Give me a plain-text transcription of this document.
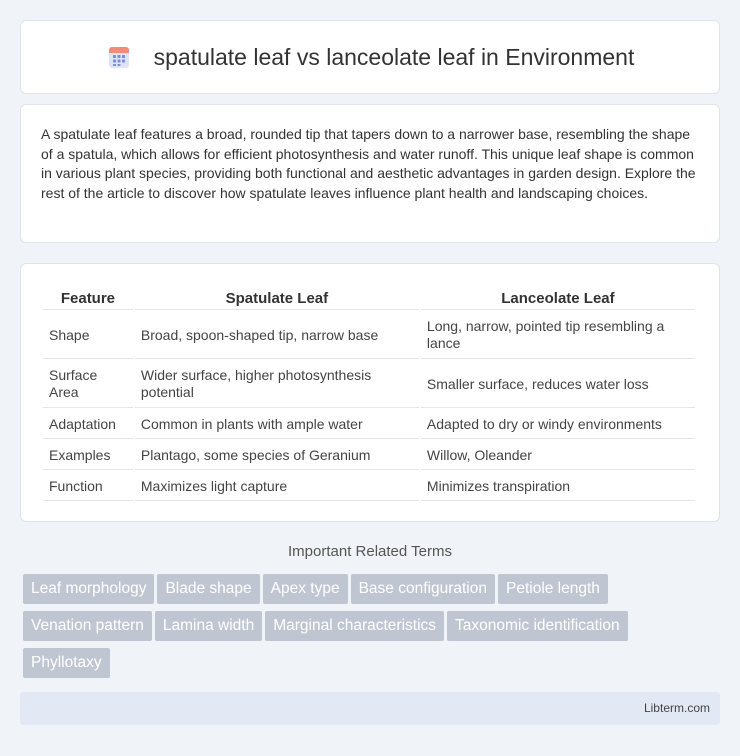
spatulate leaf vs lanceolate leaf in Environment

A spatulate leaf features a broad, rounded tip that tapers down to a narrower base, resembling the shape of a spatula, which allows for efficient photosynthesis and water runoff. This unique leaf shape is common in various plant species, providing both functional and aesthetic advantages in garden design. Explore the rest of the article to discover how spatulate leaves influence plant health and landscaping choices.

Feature	Spatulate Leaf	Lanceolate Leaf
Shape	Broad, spoon-shaped tip, narrow base	Long, narrow, pointed tip resembling a lance
Surface Area	Wider surface, higher photosynthesis potential	Smaller surface, reduces water loss
Adaptation	Common in plants with ample water	Adapted to dry or windy environments
Examples	Plantago, some species of Geranium	Willow, Oleander
Function	Maximizes light capture	Minimizes transpiration
Important Related Terms
Leaf morphology Blade shape Apex type Base configuration Petiole length
Venation pattern Lamina width Marginal characteristics Taxonomic identification
Phyllotaxy
Libterm.com
